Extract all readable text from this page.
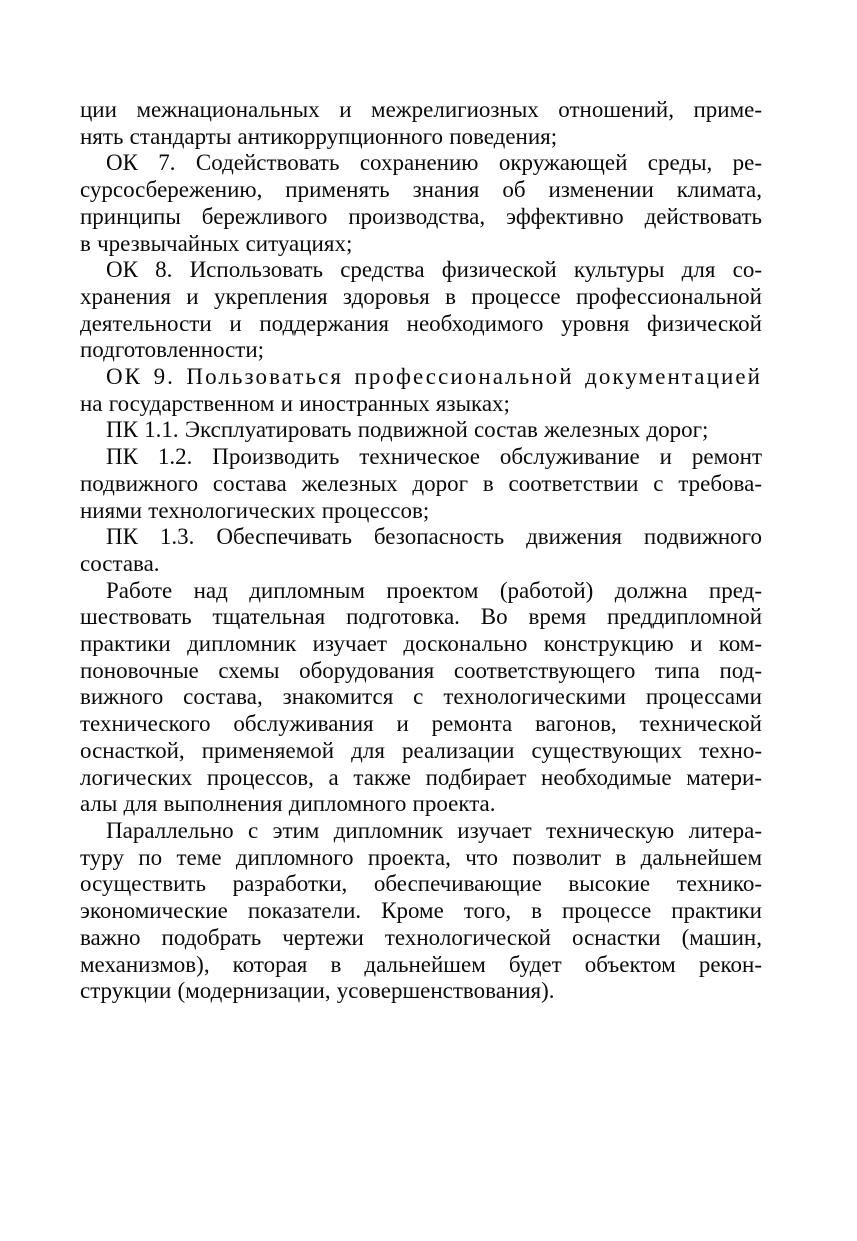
ции межнациональных и межрелигиозных отношений, приме-
нять стандарты антикоррупционного поведения;

ОК 7. Содействовать сохранению окружающей среды, ре-
сурсосбережению, применять знания об изменении климата,
принципы бережливого производства, эффективно действовать
в чрезвычайных ситуациях;

ОК 8. Использовать средства физической культуры для со-
хранения и укрепления здоровья в процессе профессиональной
деятельности и поддержания необходимого уровня физической
подготовленности;

ОК 9. Пользоваться профессиональной документацией
на государственном и иностранных языках;

ПК 1.1. Эксплуатировать подвижной состав железных дорог;

ПК 1.2. Производить техническое обслуживание и ремонт
подвижного состава железных дорог в соответствии с требова-
ниями технологических процессов;

ПК 1.3. Обеспечивать безопасность движения подвижного
состава.

Работе над дипломным проектом (работой) должна пред-
шествовать тщательная подготовка. Во время преддипломной
практики дипломник изучает досконально конструкцию и ком-
поновочные схемы оборудования соответствующего типа под-
вижного состава, знакомится с технологическими процессами
технического обслуживания и ремонта вагонов, технической
оснасткой, применяемой для реализации существующих техно-
логических процессов, а также подбирает необходимые матери-
алы для выполнения дипломного проекта.

Параллельно с этим дипломник изучает техническую литера-
туру по теме дипломного проекта, что позволит в дальнейшем
осуществить разработки, обеспечивающие высокие технико-
экономические показатели. Кроме того, в процессе практики
важно подобрать чертежи технологической оснастки (машин,
механизмов), которая в дальнейшем будет объектом рекон-
струкции (модернизации, усовершенствования).
